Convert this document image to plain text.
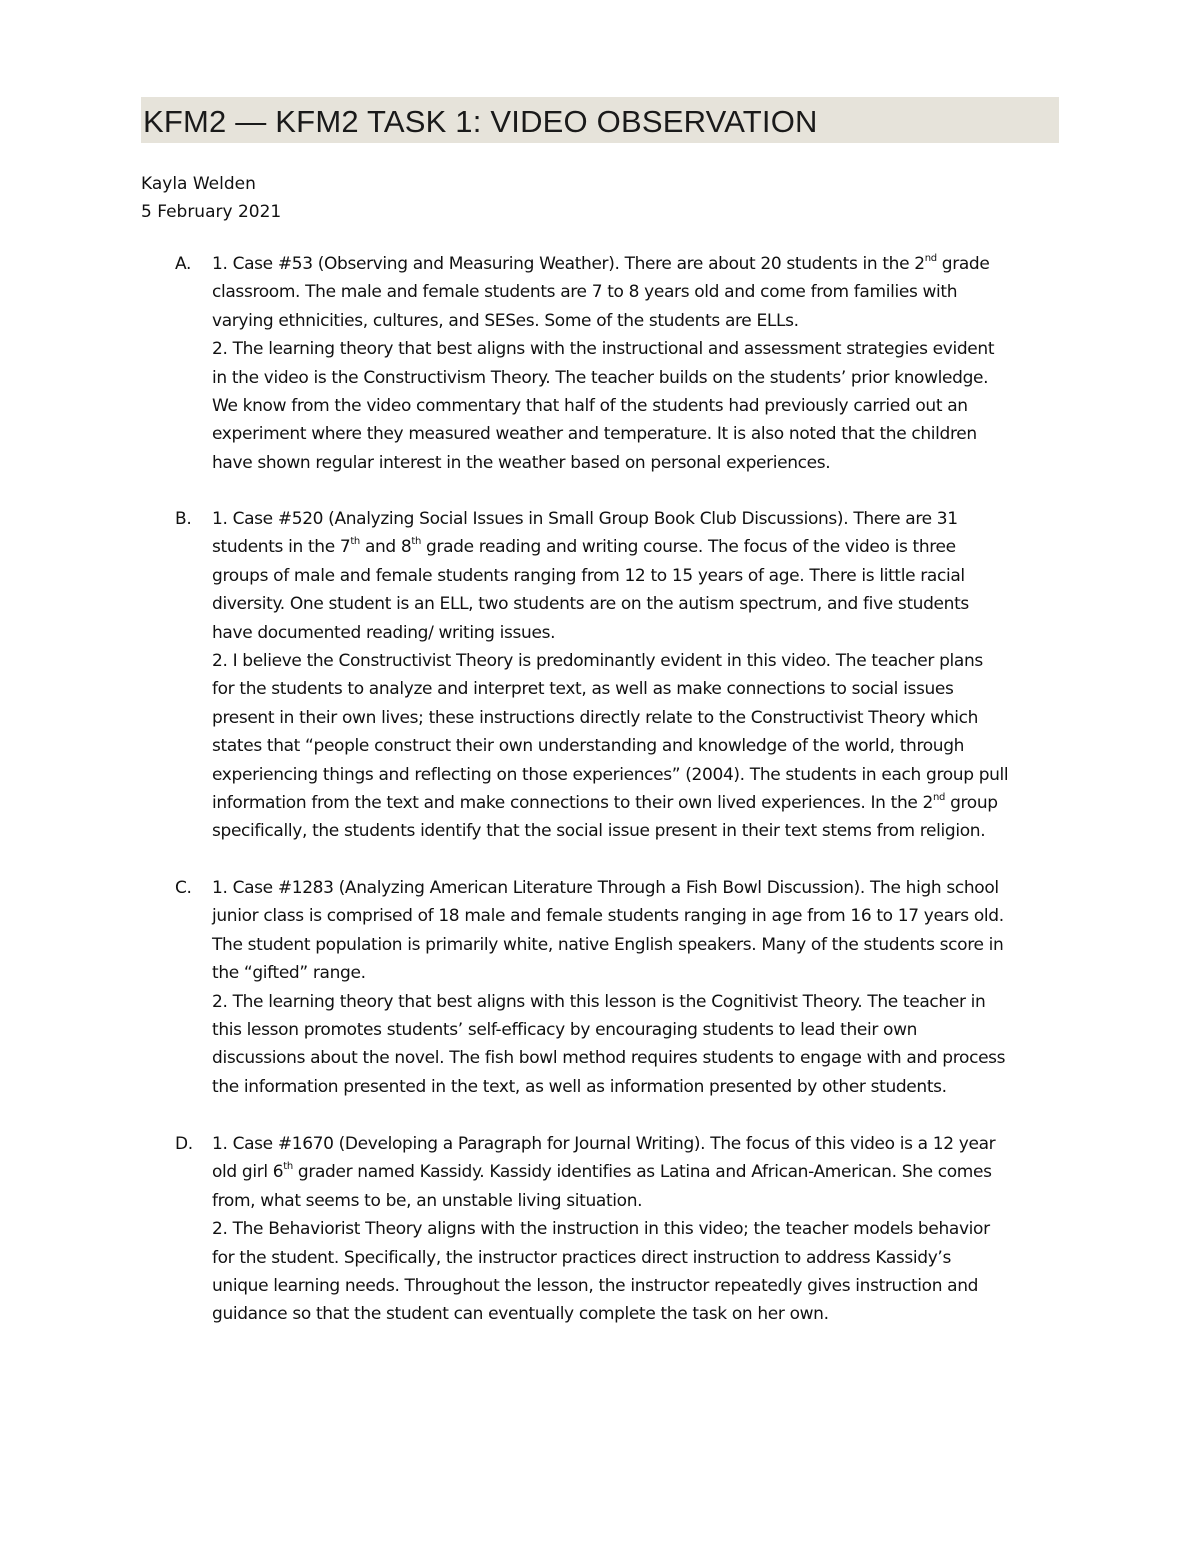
KFM2 — KFM2 TASK 1: VIDEO OBSERVATION
Kayla Welden
5 February 2021
A. 1. Case #53 (Observing and Measuring Weather). There are about 20 students in the 2nd grade
classroom. The male and female students are 7 to 8 years old and come from families with
varying ethnicities, cultures, and SESes. Some of the students are ELLs.
2. The learning theory that best aligns with the instructional and assessment strategies evident
in the video is the Constructivism Theory. The teacher builds on the students’ prior knowledge.
We know from the video commentary that half of the students had previously carried out an
experiment where they measured weather and temperature. It is also noted that the children
have shown regular interest in the weather based on personal experiences.
B. 1. Case #520 (Analyzing Social Issues in Small Group Book Club Discussions). There are 31
students in the 7th and 8th grade reading and writing course. The focus of the video is three
groups of male and female students ranging from 12 to 15 years of age. There is little racial
diversity. One student is an ELL, two students are on the autism spectrum, and five students
have documented reading/ writing issues.
2. I believe the Constructivist Theory is predominantly evident in this video. The teacher plans
for the students to analyze and interpret text, as well as make connections to social issues
present in their own lives; these instructions directly relate to the Constructivist Theory which
states that “people construct their own understanding and knowledge of the world, through
experiencing things and reflecting on those experiences” (2004). The students in each group pull
information from the text and make connections to their own lived experiences. In the 2nd group
specifically, the students identify that the social issue present in their text stems from religion.
C. 1. Case #1283 (Analyzing American Literature Through a Fish Bowl Discussion). The high school
junior class is comprised of 18 male and female students ranging in age from 16 to 17 years old.
The student population is primarily white, native English speakers. Many of the students score in
the “gifted” range.
2. The learning theory that best aligns with this lesson is the Cognitivist Theory. The teacher in
this lesson promotes students’ self-efficacy by encouraging students to lead their own
discussions about the novel. The fish bowl method requires students to engage with and process
the information presented in the text, as well as information presented by other students.
D. 1. Case #1670 (Developing a Paragraph for Journal Writing). The focus of this video is a 12 year
old girl 6th grader named Kassidy. Kassidy identifies as Latina and African-American. She comes
from, what seems to be, an unstable living situation.
2. The Behaviorist Theory aligns with the instruction in this video; the teacher models behavior
for the student. Specifically, the instructor practices direct instruction to address Kassidy’s
unique learning needs. Throughout the lesson, the instructor repeatedly gives instruction and
guidance so that the student can eventually complete the task on her own.
